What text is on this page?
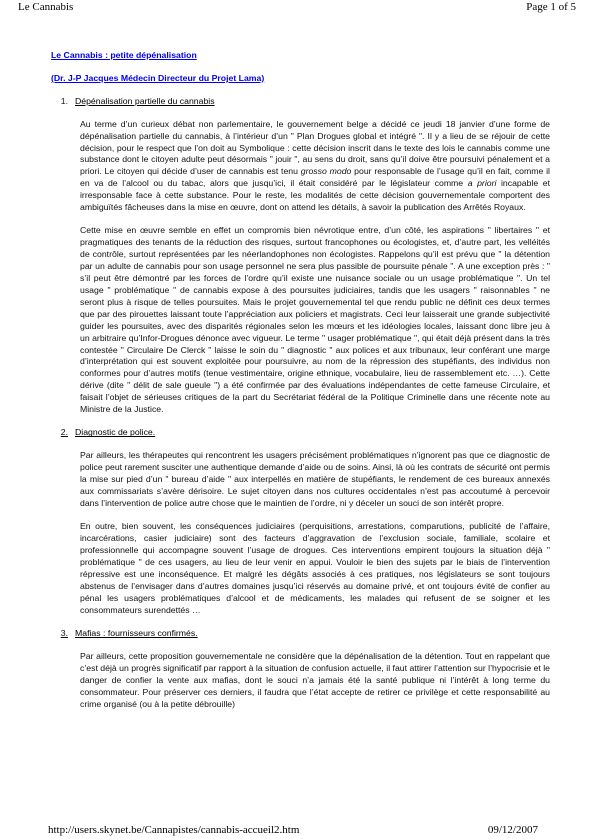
Le Cannabis	Page 1 of 5
Le Cannabis : petite dépénalisation
(Dr. J-P Jacques Médecin Directeur du Projet Lama)
1. Dépénalisation partielle du cannabis

Au terme d’un curieux débat non parlementaire, le gouvernement belge a décidé ce jeudi 18 janvier d’une forme de dépénalisation partielle du cannabis, à l’intérieur d’un " Plan Drogues global et intégré ". Il y a lieu de se réjouir de cette décision, pour le respect que l’on doit au Symbolique : cette décision inscrit dans le texte des lois le cannabis comme une substance dont le citoyen adulte peut désormais " jouir ", au sens du droit, sans qu’il doive être poursuivi pénalement et a priori. Le citoyen qui décide d’user de cannabis est tenu grosso modo pour responsable de l’usage qu’il en fait, comme il en va de l’alcool ou du tabac, alors que jusqu’ici, il était considéré par le législateur comme a priori incapable et irresponsable face à cette substance. Pour le reste, les modalités de cette décision gouvernementale comportent des ambiguïtés fâcheuses dans la mise en œuvre, dont on attend les détails, à savoir la publication des Arrêtés Royaux.

Cette mise en œuvre semble en effet un compromis bien névrotique entre, d’un côté, les aspirations " libertaires " et pragmatiques des tenants de la réduction des risques, surtout francophones ou écologistes, et, d’autre part, les velléités de contrôle, surtout représentées par les néerlandophones non écologistes. Rappelons qu’il est prévu que " la détention par un adulte de cannabis pour son usage personnel ne sera plus passible de poursuite pénale ". A une exception près : " s’il peut être démontré par les forces de l’ordre qu’il existe une nuisance sociale ou un usage problématique ". Un tel usage " problématique " de cannabis expose à des poursuites judiciaires, tandis que les usagers " raisonnables " ne seront plus à risque de telles poursuites. Mais le projet gouvernemental tel que rendu public ne définit ces deux termes que par des pirouettes laissant toute l’appréciation aux policiers et magistrats. Ceci leur laisserait une grande subjectivité guider les poursuites, avec des disparités régionales selon les mœurs et les idéologies locales, laissant donc libre jeu à un arbitraire qu’Infor-Drogues dénonce avec vigueur. Le terme " usager problématique ", qui était déjà présent dans la très contestée " Circulaire De Clerck " laisse le soin du " diagnostic " aux polices et aux tribunaux, leur conférant une marge d’interprétation qui est souvent exploitée pour poursuivre, au nom de la répression des stupéfiants, des individus non conformes pour d’autres motifs (tenue vestimentaire, origine ethnique, vocabulaire, lieu de rassemblement etc. …). Cette dérive (dite " délit de sale gueule ") a été confirmée par des évaluations indépendantes de cette fameuse Circulaire, et faisait l’objet de sérieuses critiques de la part du Secrétariat fédéral de la Politique Criminelle dans une récente note au Ministre de la Justice.

2. Diagnostic de police.

Par ailleurs, les thérapeutes qui rencontrent les usagers précisément problématiques n’ignorent pas que ce diagnostic de police peut rarement susciter une authentique demande d’aide ou de soins. Ainsi, là où les contrats de sécurité ont permis la mise sur pied d’un " bureau d’aide " aux interpellés en matière de stupéfiants, le rendement de ces bureaux annexés aux commissariats s’avère dérisoire. Le sujet citoyen dans nos cultures occidentales n’est pas accoutumé à percevoir dans l’intervention de police autre chose que le maintien de l’ordre, ni y déceler un souci de son intérêt propre.

En outre, bien souvent, les conséquences judiciaires (perquisitions, arrestations, comparutions, publicité de l’affaire, incarcérations, casier judiciaire) sont des facteurs d’aggravation de l’exclusion sociale, familiale, scolaire et professionnelle qui accompagne souvent l’usage de drogues. Ces interventions empirent toujours la situation déjà " problématique " de ces usagers, au lieu de leur venir en appui. Vouloir le bien des sujets par le biais de l’intervention répressive est une inconséquence. Et malgré les dégâts associés à ces pratiques, nos législateurs se sont toujours abstenus de l’envisager dans d’autres domaines jusqu’ici réservés au domaine privé, et ont toujours évité de confier au pénal les usagers problématiques d’alcool et de médicaments, les malades qui refusent de se soigner et les consommateurs surendettés …

3. Mafias : fournisseurs confirmés.

Par ailleurs, cette proposition gouvernementale ne considère que la dépénalisation de la détention. Tout en rappelant que c’est déjà un progrès significatif par rapport à la situation de confusion actuelle, il faut attirer l’attention sur l’hypocrisie et le danger de confier la vente aux mafias, dont le souci n’a jamais été la santé publique ni l’intérêt à long terme du consommateur. Pour préserver ces derniers, il faudra que l’état accepte de retirer ce privilège et cette responsabilité au crime organisé (ou à la petite débrouille)

http://users.skynet.be/Cannapistes/cannabis-accueil2.htm	09/12/2007
